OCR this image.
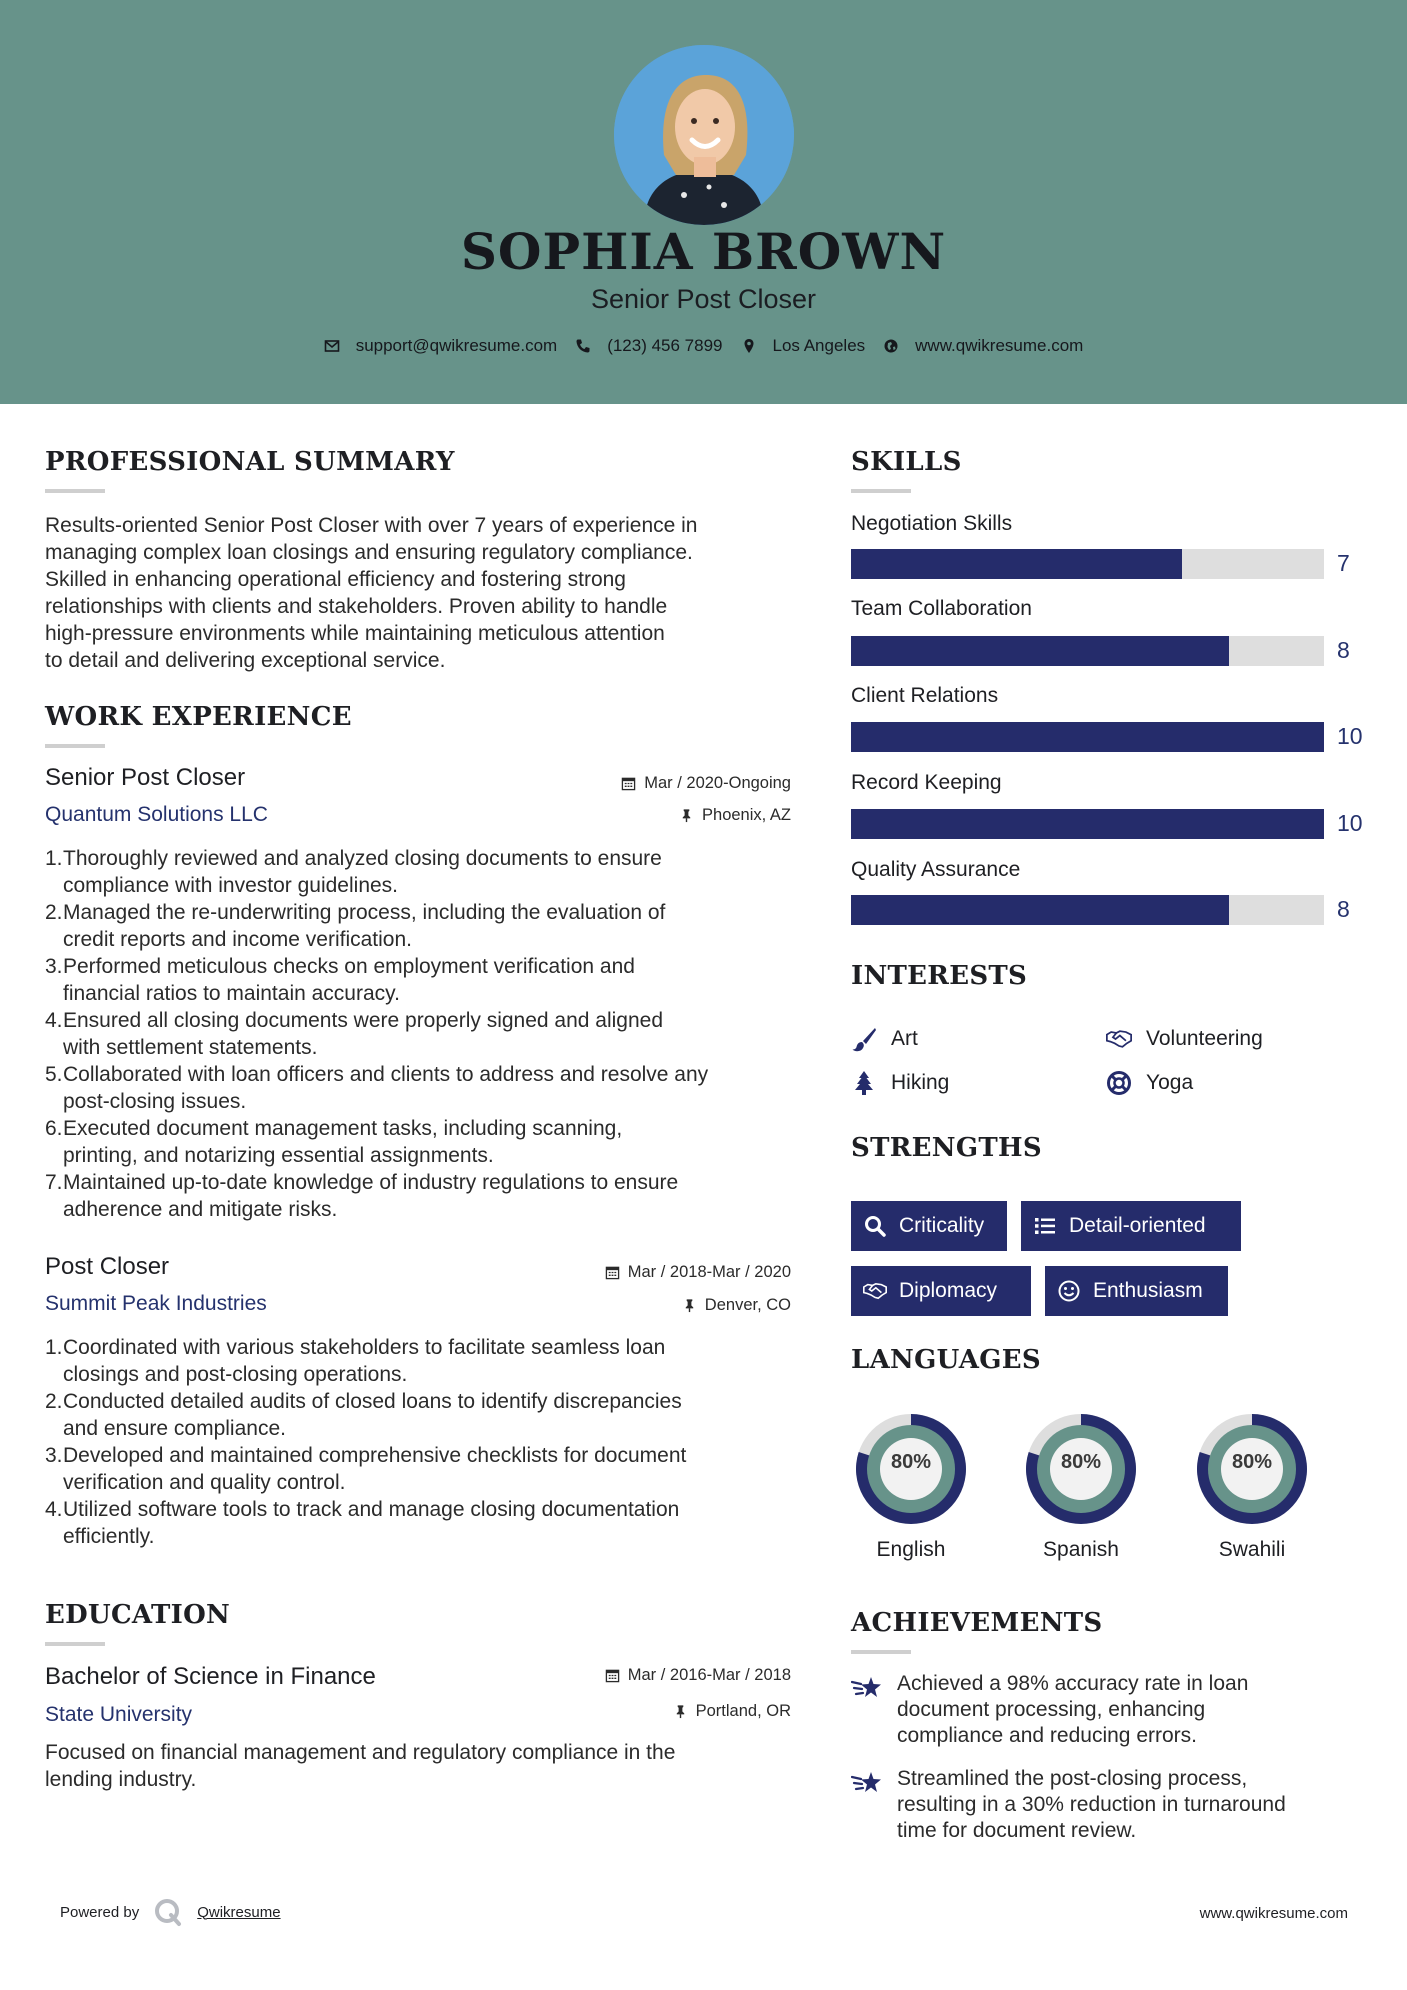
SOPHIA BROWN
Senior Post Closer
support@qwikresume.com	(123) 456 7899	Los Angeles	www.qwikresume.com
PROFESSIONAL SUMMARY
Results-oriented Senior Post Closer with over 7 years of experience in
managing complex loan closings and ensuring regulatory compliance.
Skilled in enhancing operational efficiency and fostering strong
relationships with clients and stakeholders. Proven ability to handle
high-pressure environments while maintaining meticulous attention
to detail and delivering exceptional service.
WORK EXPERIENCE
Senior Post Closer
Quantum Solutions LLC
Mar / 2020-Ongoing
Phoenix, AZ
1. Thoroughly reviewed and analyzed closing documents to ensure
compliance with investor guidelines.
2. Managed the re-underwriting process, including the evaluation of
credit reports and income verification.
3. Performed meticulous checks on employment verification and
financial ratios to maintain accuracy.
4. Ensured all closing documents were properly signed and aligned
with settlement statements.
5. Collaborated with loan officers and clients to address and resolve any
post-closing issues.
6. Executed document management tasks, including scanning,
printing, and notarizing essential assignments.
7. Maintained up-to-date knowledge of industry regulations to ensure
adherence and mitigate risks.
Post Closer
Summit Peak Industries
Mar / 2018-Mar / 2020
Denver, CO
1. Coordinated with various stakeholders to facilitate seamless loan
closings and post-closing operations.
2. Conducted detailed audits of closed loans to identify discrepancies
and ensure compliance.
3. Developed and maintained comprehensive checklists for document
verification and quality control.
4. Utilized software tools to track and manage closing documentation
efficiently.
EDUCATION
Bachelor of Science in Finance
State University
Mar / 2016-Mar / 2018
Portland, OR
Focused on financial management and regulatory compliance in the
lending industry.
SKILLS
Negotiation Skills
7
Team Collaboration
8
Client Relations
10
Record Keeping
10
Quality Assurance
8
INTERESTS
Art	Volunteering
Hiking	Yoga
STRENGTHS
Criticality	Detail-oriented
Diplomacy	Enthusiasm
LANGUAGES
80%
English
80%
Spanish
80%
Swahili
ACHIEVEMENTS
Achieved a 98% accuracy rate in loan
document processing, enhancing
compliance and reducing errors.
Streamlined the post-closing process,
resulting in a 30% reduction in turnaround
time for document review.
Powered by	Qwikresume	www.qwikresume.com
